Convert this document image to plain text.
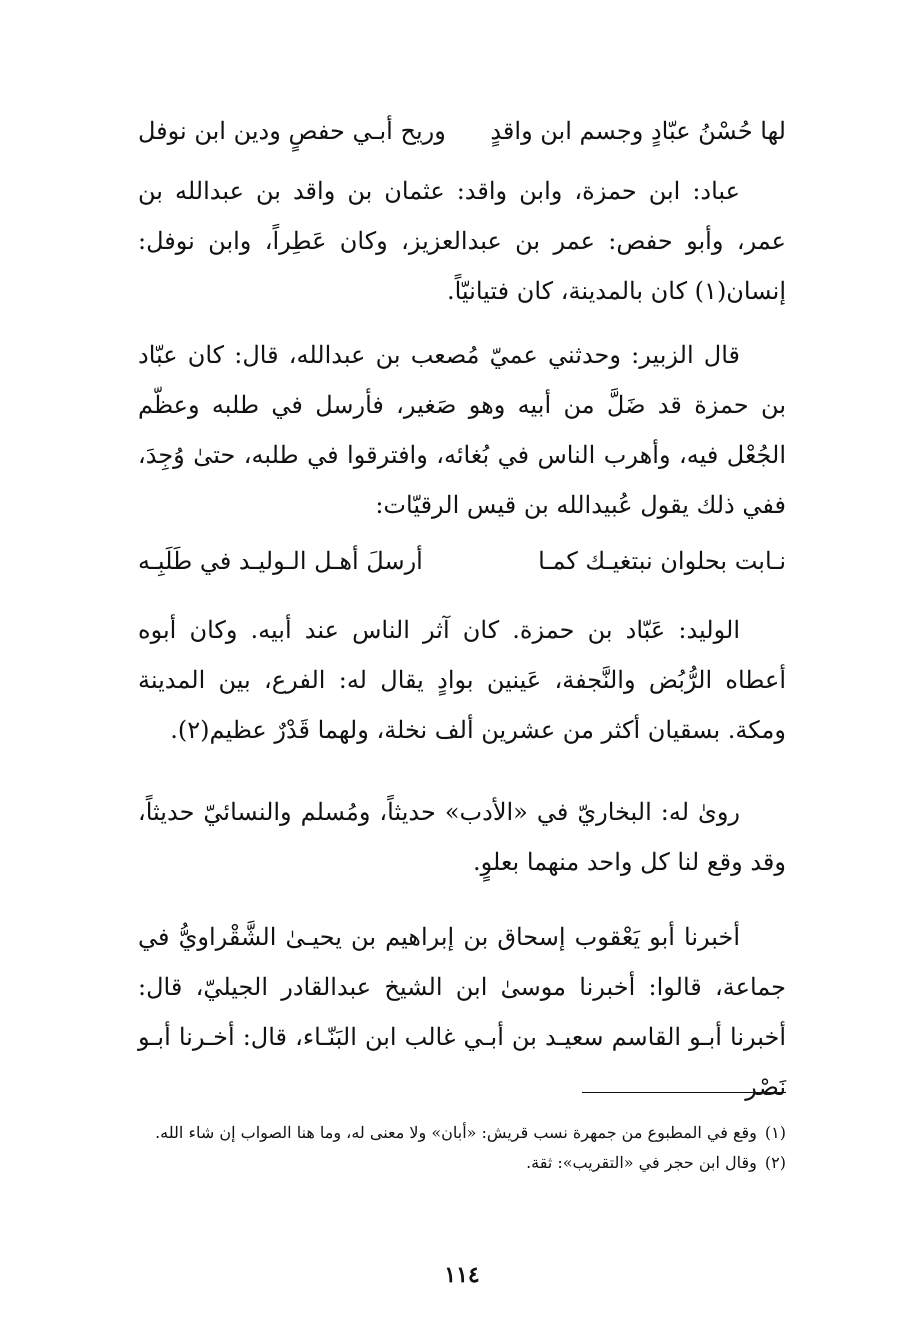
لها حُسْنُ عبّادٍ وجسم ابن واقدٍ
وريح أبـي حفصٍ ودين ابن نوفل

عباد: ابن حمزة، وابن واقد: عثمان بن واقد بن عبدالله بن عمر، وأبو حفص: عمر بن عبدالعزيز، وكان عَطِراً، وابن نوفل: إنسان(١) كان بالمدينة، كان فتيانيّاً.

قال الزبير: وحدثني عميّ مُصعب بن عبدالله، قال: كان عبّاد بن حمزة قد ضَلَّ من أبيه وهو صَغير، فأرسل في طلبه وعظّم الجُعْل فيه، وأهرب الناس في بُغائه، وافترقوا في طلبه، حتىٰ وُجِدَ، ففي ذلك يقول عُبيدالله بن قيس الرقيّات:

نـابت بحلوان نبتغيـك كمـا
أرسلَ أهـل الـوليـد في طَلَبِـه

الوليد: عَبّاد بن حمزة. كان آثر الناس عند أبيه. وكان أبوه أعطاه الرُّبُض والنَّجفة، عَينين بوادٍ يقال له: الفرع، بين المدينة ومكة. بسقيان أكثر من عشرين ألف نخلة، ولهما قَدْرٌ عظيم(٢).

رویٰ له: البخاريّ في «الأدب» حديثاً، ومُسلم والنسائيّ حديثاً، وقد وقع لنا كل واحد منهما بعلوٍ.

أخبرنا أبو يَعْقوب إسحاق بن إبراهيم بن يحيـىٰ الشَّقْراويُّ في جماعة، قالوا: أخبرنا موسىٰ ابن الشيخ عبدالقادر الجيليّ، قال: أخبرنا أبـو القاسم سعيـد بن أبـي غالب ابن البَنّـاء، قال: أخـرنا أبـو نَصْر

(١)
وقع في المطبوع من جمهرة نسب قريش: «أبان» ولا معنى له، وما هنا الصواب إن شاء الله.
(٢)
وقال ابن حجر في «التقريب»: ثقة.
١١٤
